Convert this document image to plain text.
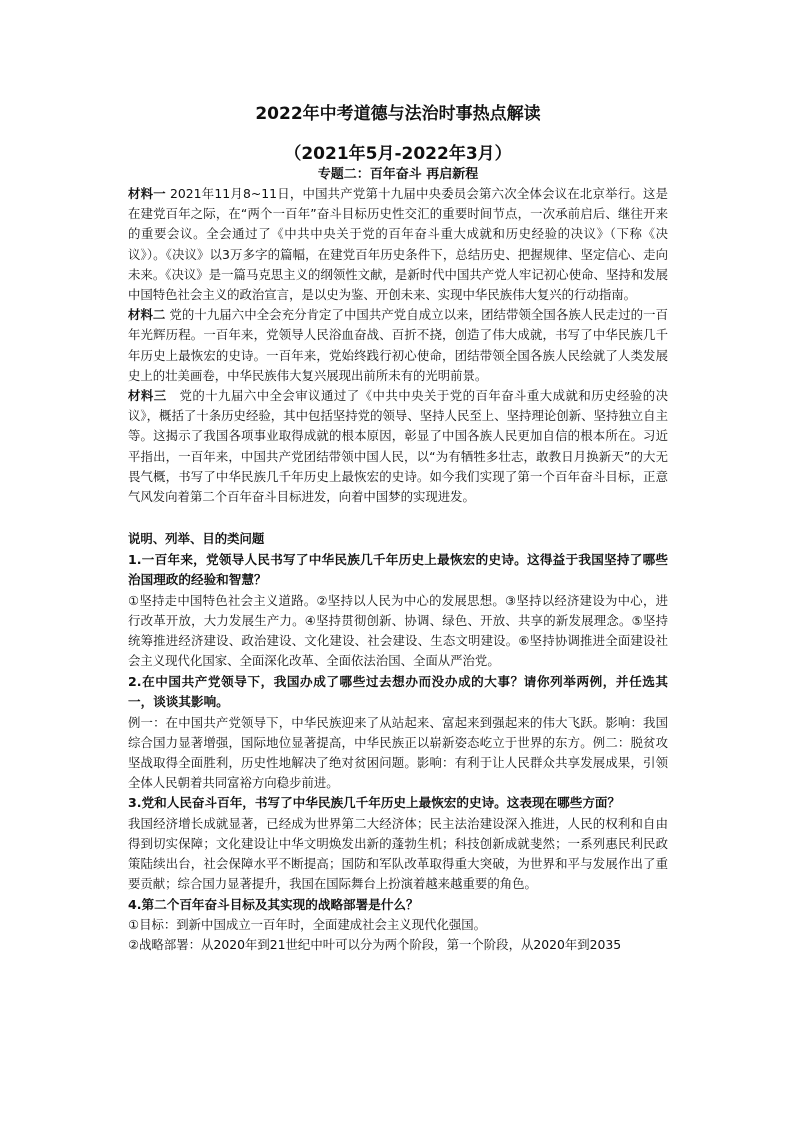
2022年中考道德与法治时事热点解读
（2021年5月-2022年3月）
专题二：百年奋斗 再启新程

材料一 2021年11月8~11日，中国共产党第十九届中央委员会第六次全体会议在北京举行。这是在建党百年之际，在“两个一百年”奋斗目标历史性交汇的重要时间节点，一次承前启后、继往开来的重要会议。全会通过了《中共中央关于党的百年奋斗重大成就和历史经验的决议》（下称《决议》）。《决议》以3万多字的篇幅，在建党百年历史条件下，总结历史、把握规律、坚定信心、走向未来。《决议》是一篇马克思主义的纲领性文献，是新时代中国共产党人牢记初心使命、坚持和发展中国特色社会主义的政治宣言，是以史为鉴、开创未来、实现中华民族伟大复兴的行动指南。

材料二 党的十九届六中全会充分肯定了中国共产党自成立以来，团结带领全国各族人民走过的一百年光辉历程。一百年来，党领导人民浴血奋战、百折不挠，创造了伟大成就，书写了中华民族几千年历史上最恢宏的史诗。一百年来，党始终践行初心使命，团结带领全国各族人民绘就了人类发展史上的壮美画卷，中华民族伟大复兴展现出前所未有的光明前景。

材料三　党的十九届六中全会审议通过了《中共中央关于党的百年奋斗重大成就和历史经验的决议》，概括了十条历史经验，其中包括坚持党的领导、坚持人民至上、坚持理论创新、坚持独立自主等。这揭示了我国各项事业取得成就的根本原因，彰显了中国各族人民更加自信的根本所在。习近平指出，一百年来，中国共产党团结带领中国人民，以“为有牺牲多壮志，敢教日月换新天”的大无畏气概，书写了中华民族几千年历史上最恢宏的史诗。如今我们实现了第一个百年奋斗目标，正意气风发向着第二个百年奋斗目标进发，向着中国梦的实现进发。

说明、列举、目的类问题

1.一百年来，党领导人民书写了中华民族几千年历史上最恢宏的史诗。这得益于我国坚持了哪些治国理政的经验和智慧？

①坚持走中国特色社会主义道路。②坚持以人民为中心的发展思想。③坚持以经济建设为中心，进行改革开放，大力发展生产力。④坚持贯彻创新、协调、绿色、开放、共享的新发展理念。⑤坚持统筹推进经济建设、政治建设、文化建设、社会建设、生态文明建设。⑥坚持协调推进全面建设社会主义现代化国家、全面深化改革、全面依法治国、全面从严治党。

2.在中国共产党领导下，我国办成了哪些过去想办而没办成的大事？请你列举两例，并任选其一，谈谈其影响。

例一：在中国共产党领导下，中华民族迎来了从站起来、富起来到强起来的伟大飞跃。影响：我国综合国力显著增强，国际地位显著提高，中华民族正以崭新姿态屹立于世界的东方。例二：脱贫攻坚战取得全面胜利，历史性地解决了绝对贫困问题。影响：有利于让人民群众共享发展成果，引领全体人民朝着共同富裕方向稳步前进。

3.党和人民奋斗百年，书写了中华民族几千年历史上最恢宏的史诗。这表现在哪些方面？

我国经济增长成就显著，已经成为世界第二大经济体；民主法治建设深入推进，人民的权利和自由得到切实保障；文化建设让中华文明焕发出新的蓬勃生机；科技创新成就斐然；一系列惠民利民政策陆续出台，社会保障水平不断提高；国防和军队改革取得重大突破，为世界和平与发展作出了重要贡献；综合国力显著提升，我国在国际舞台上扮演着越来越重要的角色。

4.第二个百年奋斗目标及其实现的战略部署是什么？

①目标：到新中国成立一百年时，全面建成社会主义现代化强国。

②战略部署：从2020年到21世纪中叶可以分为两个阶段，第一个阶段，从2020年到2035
